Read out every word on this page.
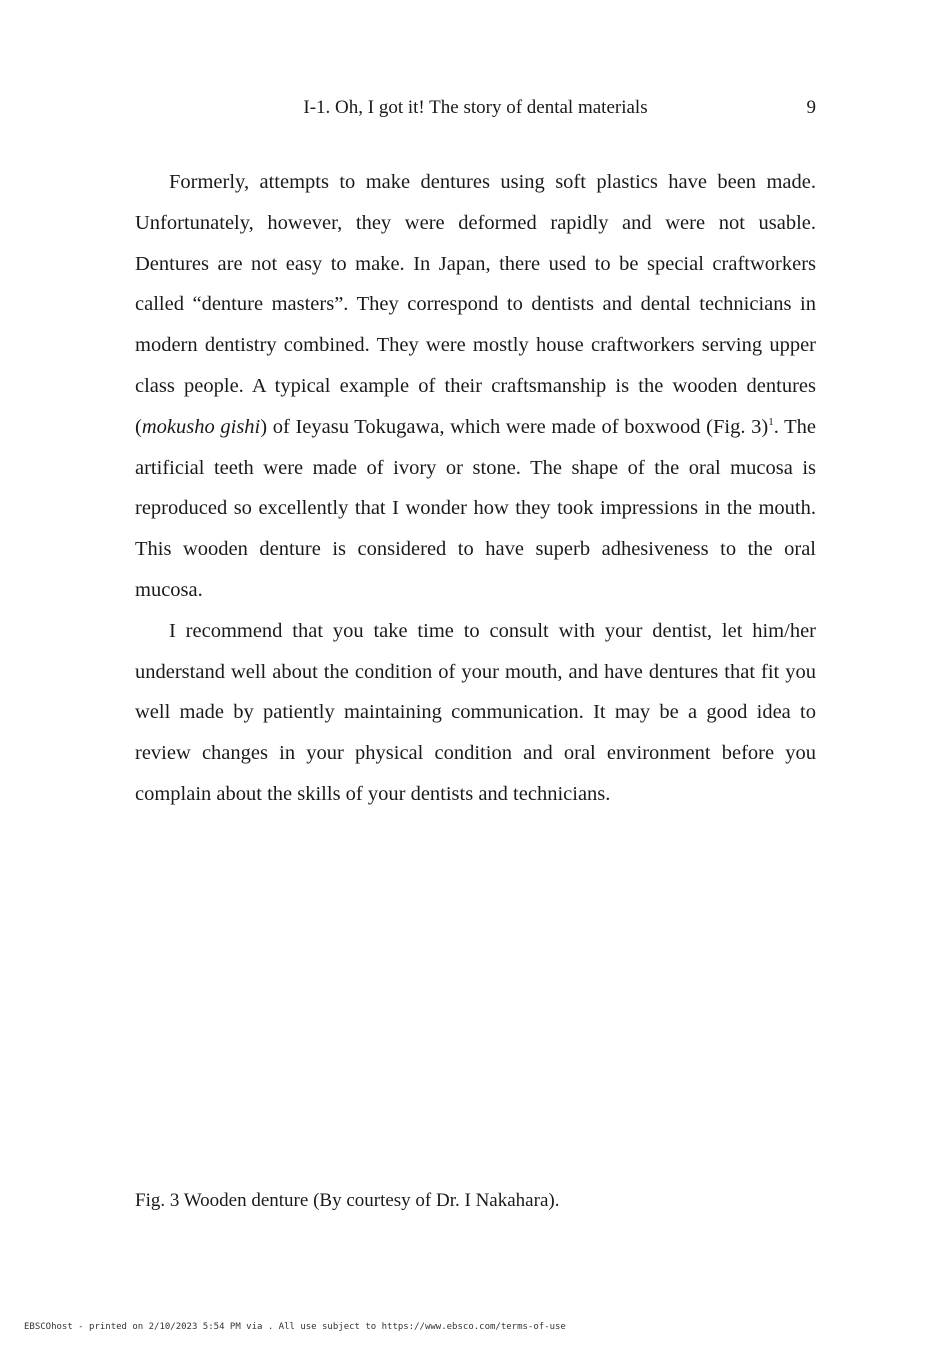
I-1. Oh, I got it! The story of dental materials	9

Formerly, attempts to make dentures using soft plastics have been made. Unfortunately, however, they were deformed rapidly and were not usable. Dentures are not easy to make. In Japan, there used to be special craftworkers called “denture masters”. They correspond to dentists and dental technicians in modern dentistry combined. They were mostly house craftworkers serving upper class people. A typical example of their craftsmanship is the wooden dentures (mokusho gishi) of Ieyasu Tokugawa, which were made of boxwood (Fig. 3)$^1$. The artificial teeth were made of ivory or stone. The shape of the oral mucosa is reproduced so excellently that I wonder how they took impressions in the mouth. This wooden denture is considered to have superb adhesiveness to the oral mucosa.

I recommend that you take time to consult with your dentist, let him/her understand well about the condition of your mouth, and have dentures that fit you well made by patiently maintaining communication. It may be a good idea to review changes in your physical condition and oral environment before you complain about the skills of your dentists and technicians.

Fig. 3 Wooden denture (By courtesy of Dr. I Nakahara).
EBSCOhost - printed on 2/10/2023 5:54 PM via . All use subject to https://www.ebsco.com/terms-of-use
